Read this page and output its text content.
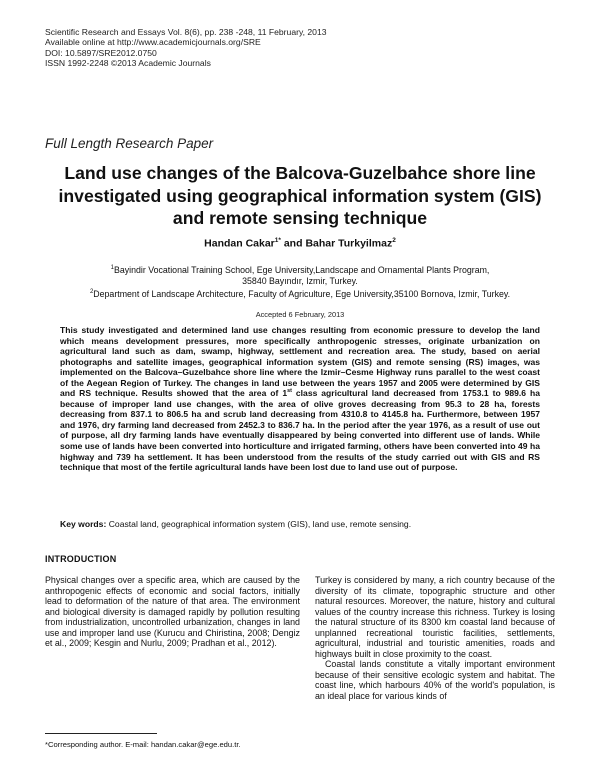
Scientific Research and Essays Vol. 8(6), pp. 238 -248, 11 February, 2013
Available online at http://www.academicjournals.org/SRE
DOI: 10.5897/SRE2012.0750
ISSN 1992-2248 ©2013 Academic Journals
Full Length Research Paper
Land use changes of the Balcova-Guzelbahce shore line investigated using geographical information system (GIS) and remote sensing technique
Handan Cakar$^{1*}$ and Bahar Turkyilmaz$^2$
$^1$Bayindir Vocational Training School, Ege University,Landscape and Ornamental Plants Program,
35840 Bayındır, Izmir, Turkey.
$^2$Department of Landscape Architecture, Faculty of Agriculture, Ege University,35100 Bornova, Izmir, Turkey.
Accepted 6 February, 2013
This study investigated and determined land use changes resulting from economic pressure to develop the land which means development pressures, more specifically anthropogenic stresses, originate urbanization on agricultural land such as dam, swamp, highway, settlement and recreation area. The study, based on aerial photographs and satellite images, geographical information system (GIS) and remote sensing (RS) images, was implemented on the Balcova–Guzelbahce shore line where the Izmir–Cesme Highway runs parallel to the west coast of the Aegean Region of Turkey. The changes in land use between the years 1957 and 2005 were determined by GIS and RS technique. Results showed that the area of 1st class agricultural land decreased from 1753.1 to 989.6 ha because of improper land use changes, with the area of olive groves decreasing from 95.3 to 28 ha, forests decreasing from 837.1 to 806.5 ha and scrub land decreasing from 4310.8 to 4145.8 ha. Furthermore, between 1957 and 1976, dry farming land decreased from 2452.3 to 836.7 ha. In the period after the year 1976, as a result of use out of purpose, all dry farming lands have eventually disappeared by being converted into different use of lands. While some use of lands have been converted into horticulture and irrigated farming, others have been converted into 49 ha highway and 739 ha settlement. It has been understood from the results of the study carried out with GIS and RS technique that most of the fertile agricultural lands have been lost due to land use out of purpose.
Key words: Coastal land, geographical information system (GIS), land use, remote sensing.
INTRODUCTION

Physical changes over a specific area, which are caused by the anthropogenic effects of economic and social factors, initially lead to deformation of the nature of that area. The environment and biological diversity is damaged rapidly by pollution resulting from industrialization, uncontrolled urbanization, changes in land use and improper land use (Kurucu and Chiristina, 2008; Dengiz et al., 2009; Kesgin and Nurlu, 2009; Pradhan et al., 2012).

Turkey is considered by many, a rich country because of the diversity of its climate, topographic structure and other natural resources. Moreover, the nature, history and cultural values of the country increase this richness. Turkey is losing the natural structure of its 8300 km coastal land because of unplanned recreational touristic facilities, settlements, agricultural, industrial and touristic amenities, roads and highways built in close proximity to the coast.

Coastal lands constitute a vitally important environment because of their sensitive ecologic system and habitat. The coast line, which harbours 40% of the world's population, is an ideal place for various kinds of

*Corresponding author. E-mail: handan.cakar@ege.edu.tr.
